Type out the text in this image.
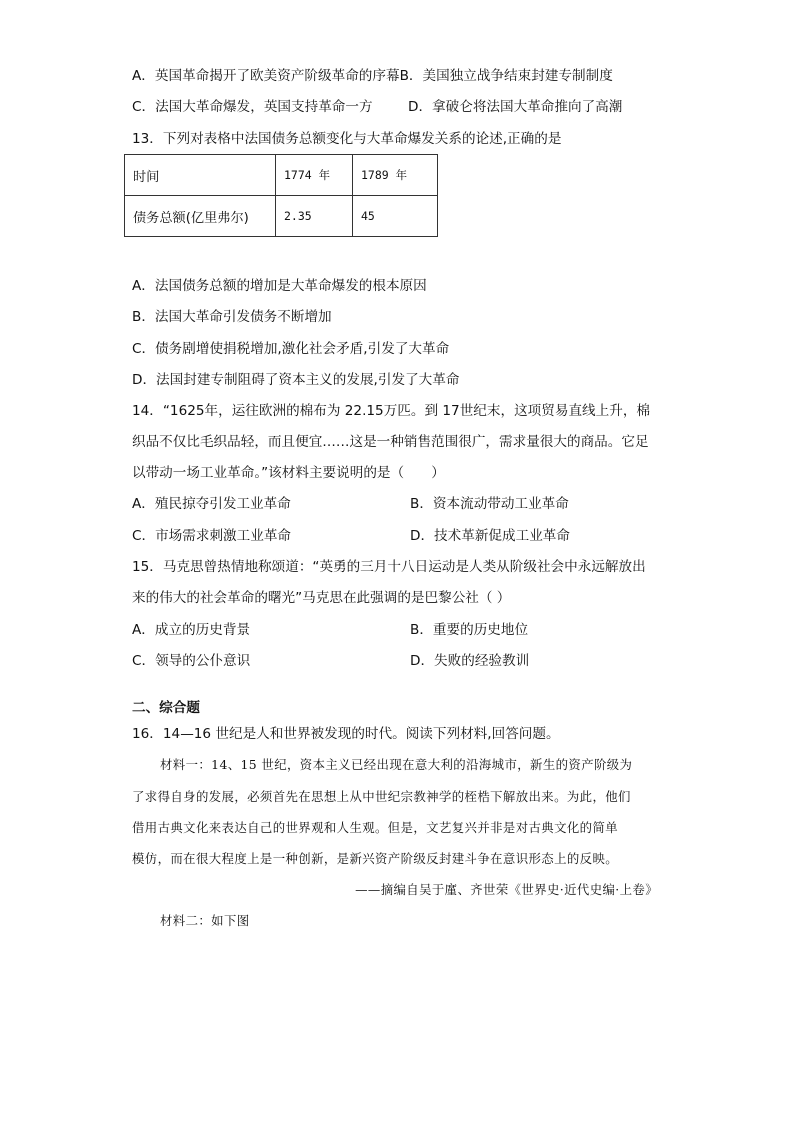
A．英国革命揭开了欧美资产阶级革命的序幕B．美国独立战争结束封建专制制度
C．法国大革命爆发，英国支持革命一方	D．拿破仑将法国大革命推向了高潮
13．下列对表格中法国债务总额变化与大革命爆发关系的论述,正确的是
时间	1774 年	1789 年
债务总额(亿里弗尔)	2.35	45
A．法国债务总额的增加是大革命爆发的根本原因
B．法国大革命引发债务不断增加
C．债务剧增使捐税增加,激化社会矛盾,引发了大革命
D．法国封建专制阻碍了资本主义的发展,引发了大革命
14．“1625年，运往欧洲的棉布为 22.15万匹。到 17世纪末，这项贸易直线上升，棉
织品不仅比毛织品轻，而且便宜……这是一种销售范围很广，需求量很大的商品。它足
以带动一场工业革命。”该材料主要说明的是（　　）
A．殖民掠夺引发工业革命	B．资本流动带动工业革命
C．市场需求刺激工业革命	D．技术革新促成工业革命
15．马克思曾热情地称颂道：“英勇的三月十八日运动是人类从阶级社会中永远解放出
来的伟大的社会革命的曙光”马克思在此强调的是巴黎公社（ ）
A．成立的历史背景	B．重要的历史地位
C．领导的公仆意识	D．失败的经验教训
二、综合题
16．14—16 世纪是人和世界被发现的时代。阅读下列材料,回答问题。
材料一：14、15 世纪，资本主义已经出现在意大利的沿海城市，新生的资产阶级为
了求得自身的发展，必须首先在思想上从中世纪宗教神学的桎梏下解放出来。为此，他们
借用古典文化来表达自己的世界观和人生观。但是，文艺复兴并非是对古典文化的简单
模仿，而在很大程度上是一种创新，是新兴资产阶级反封建斗争在意识形态上的反映。
——摘编自吴于廑、齐世荣《世界史·近代史编·上卷》
材料二：如下图
